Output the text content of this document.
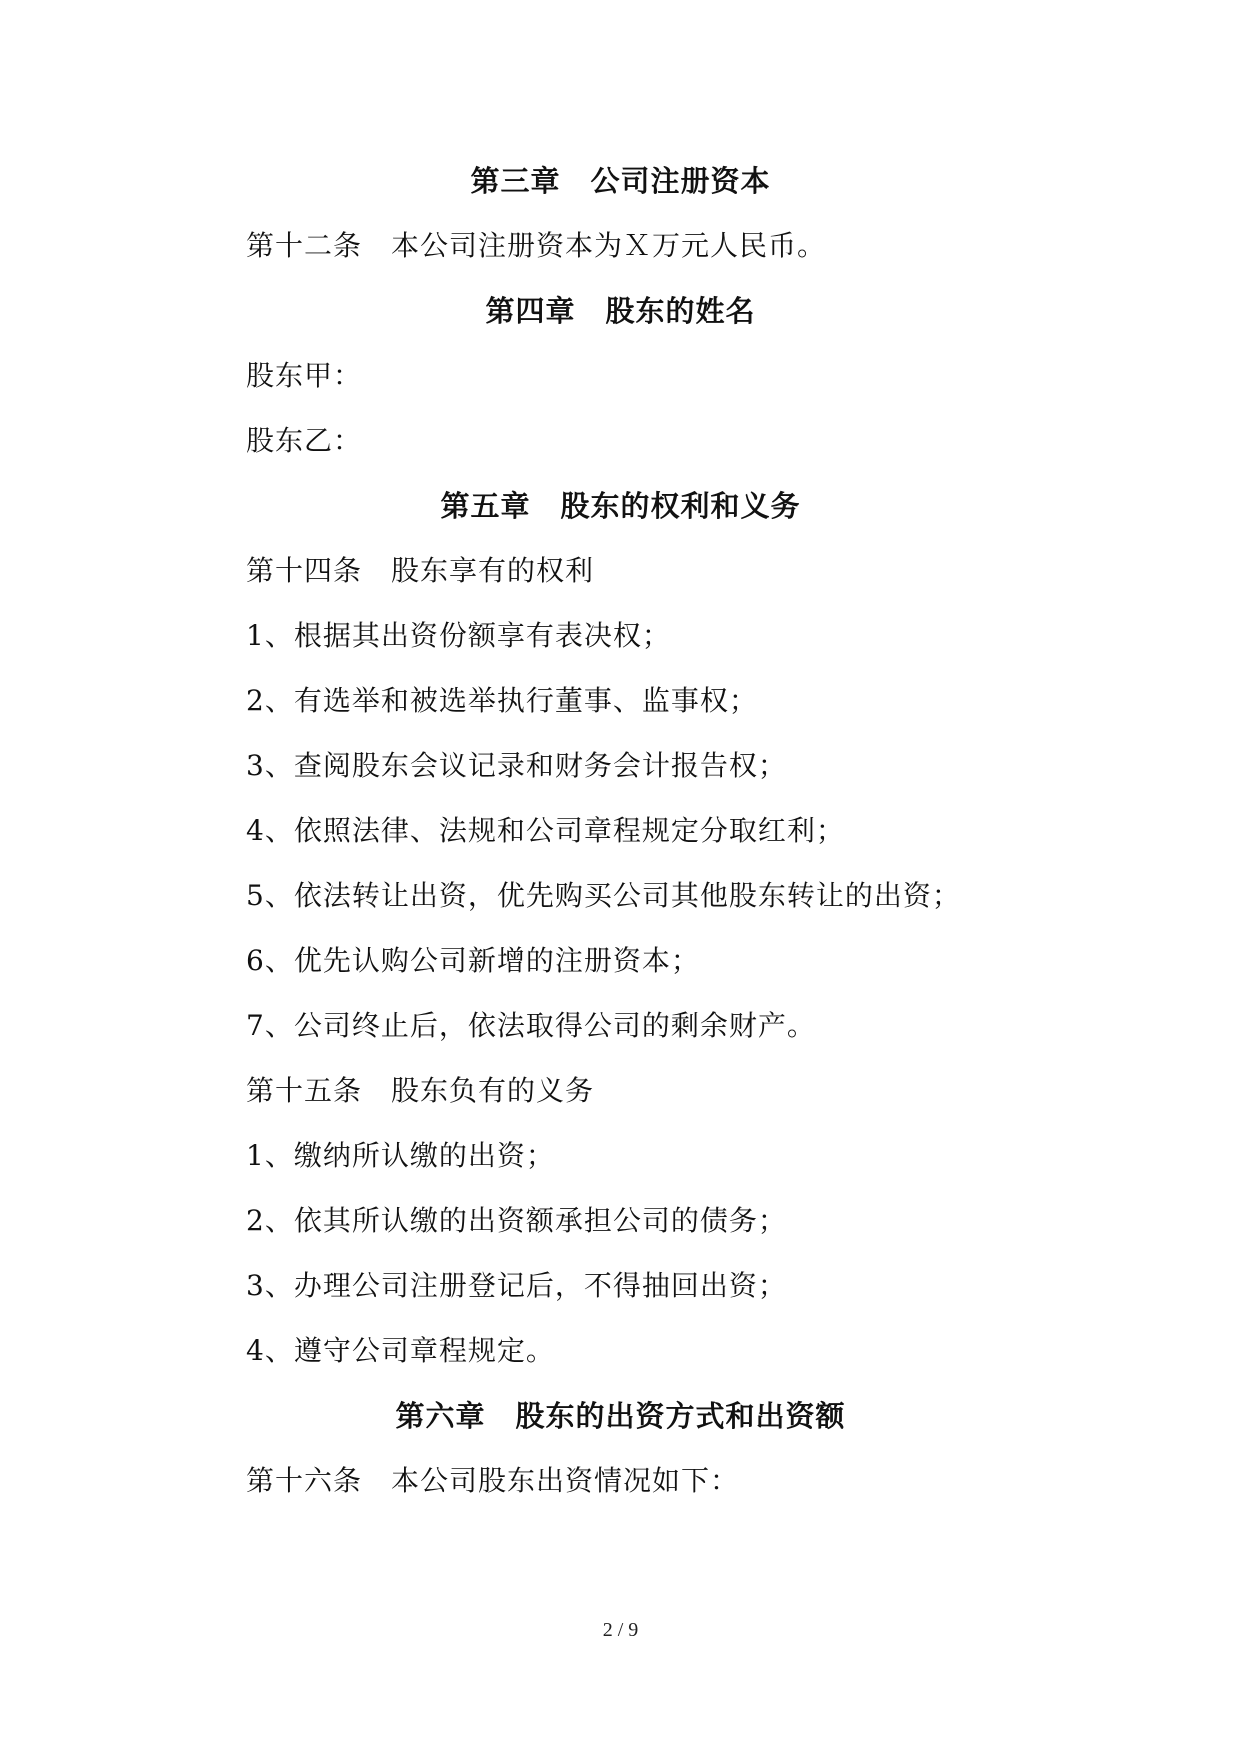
第三章　公司注册资本
第十二条　本公司注册资本为Ｘ万元人民币。
第四章　股东的姓名
股东甲：
股东乙：
第五章　股东的权利和义务
第十四条　股东享有的权利
1、根据其出资份额享有表决权；
2、有选举和被选举执行董事、监事权；
3、查阅股东会议记录和财务会计报告权；
4、依照法律、法规和公司章程规定分取红利；
5、依法转让出资，优先购买公司其他股东转让的出资；
6、优先认购公司新增的注册资本；
7、公司终止后，依法取得公司的剩余财产。
第十五条　股东负有的义务
1、缴纳所认缴的出资；
2、依其所认缴的出资额承担公司的债务；
3、办理公司注册登记后，不得抽回出资；
4、遵守公司章程规定。
第六章　股东的出资方式和出资额
第十六条　本公司股东出资情况如下：
2 / 9
